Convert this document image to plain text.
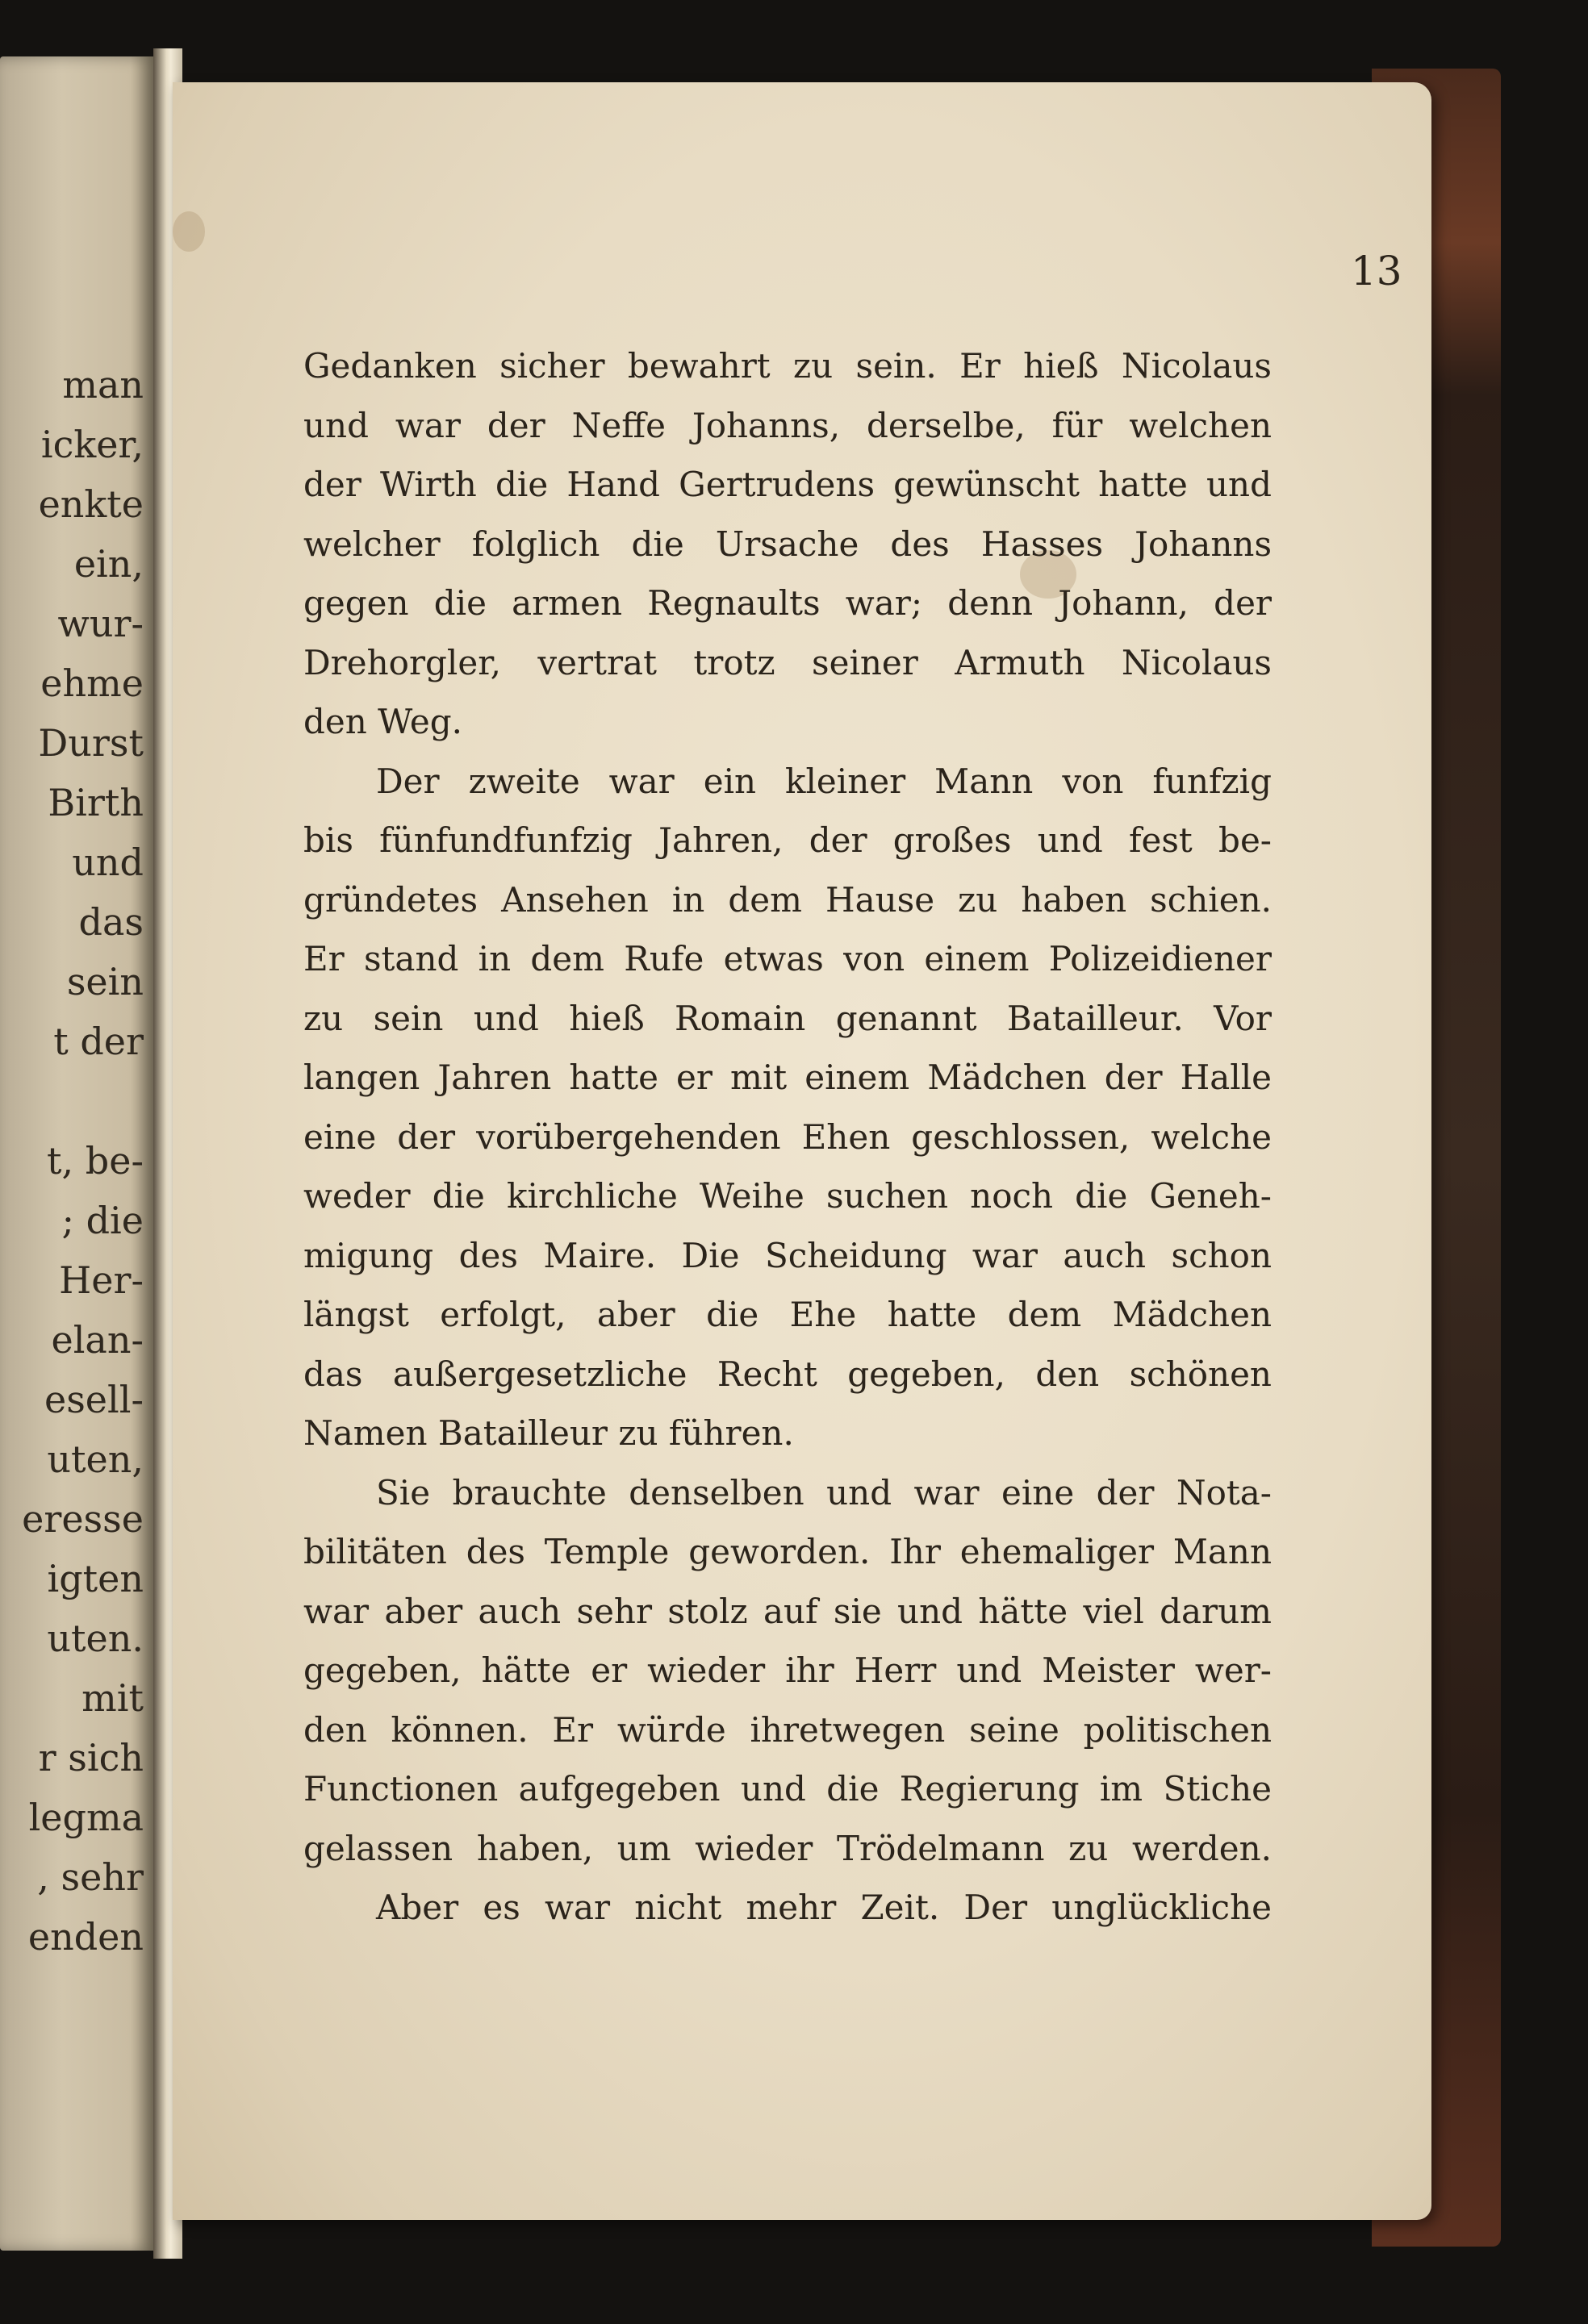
man
icker,
enkte
ein,
wur-
ehme
Durst
Birth
und
das
sein
t der
t, be-
; die
Her-
elan-
esell-
uten,
eresse
igten
uten.
mit
r sich
legma
, sehr
enden
13
Gedanken sicher bewahrt zu sein. Er hieß Nicolaus
und war der Neffe Johanns, derselbe, für welchen
der Wirth die Hand Gertrudens gewünscht hatte und
welcher folglich die Ursache des Hasses Johanns
gegen die armen Regnaults war; denn Johann, der
Drehorgler, vertrat trotz seiner Armuth Nicolaus
den Weg.
Der zweite war ein kleiner Mann von funfzig
bis fünfundfunfzig Jahren, der großes und fest be-
gründetes Ansehen in dem Hause zu haben schien.
Er stand in dem Rufe etwas von einem Polizeidiener
zu sein und hieß Romain genannt Batailleur. Vor
langen Jahren hatte er mit einem Mädchen der Halle
eine der vorübergehenden Ehen geschlossen, welche
weder die kirchliche Weihe suchen noch die Geneh-
migung des Maire. Die Scheidung war auch schon
längst erfolgt, aber die Ehe hatte dem Mädchen
das außergesetzliche Recht gegeben, den schönen
Namen Batailleur zu führen.
Sie brauchte denselben und war eine der Nota-
bilitäten des Temple geworden. Ihr ehemaliger Mann
war aber auch sehr stolz auf sie und hätte viel darum
gegeben, hätte er wieder ihr Herr und Meister wer-
den können. Er würde ihretwegen seine politischen
Functionen aufgegeben und die Regierung im Stiche
gelassen haben, um wieder Trödelmann zu werden.
Aber es war nicht mehr Zeit. Der unglückliche
